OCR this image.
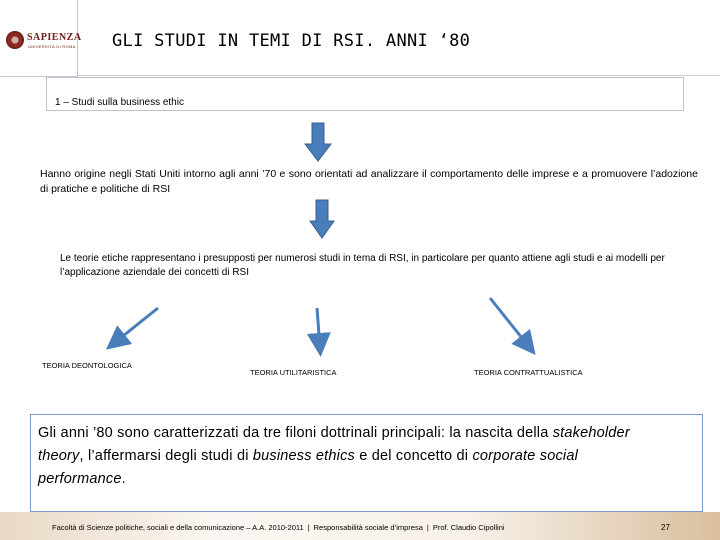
SAPIENZA
UNIVERSITÀ DI ROMA GLI STUDI IN TEMI DI RSI. ANNI ‘80
1 – Studi sulla business ethic
Hanno origine negli Stati Uniti intorno agli anni ’70 e sono orientati ad analizzare il comportamento delle imprese e a promuovere l’adozione di pratiche e politiche di RSI
Le teorie etiche rappresentano i presupposti per numerosi studi in tema di RSI, in particolare per quanto attiene agli studi e ai modelli per l’applicazione aziendale dei concetti di RSI
TEORIA DEONTOLOGICA
TEORIA UTILITARISTICA	TEORIA CONTRATTUALISTICA

Gli anni ’80 sono caratterizzati da tre filoni dottrinali principali: la nascita della stakeholder theory, l’affermarsi degli studi di business ethics e del concetto di corporate social performance.

Facoltà di Scienze politiche, sociali e della comunicazione – A.A. 2010-2011 | Responsabilità sociale d’impresa | Prof. Claudio Cipollini	27
